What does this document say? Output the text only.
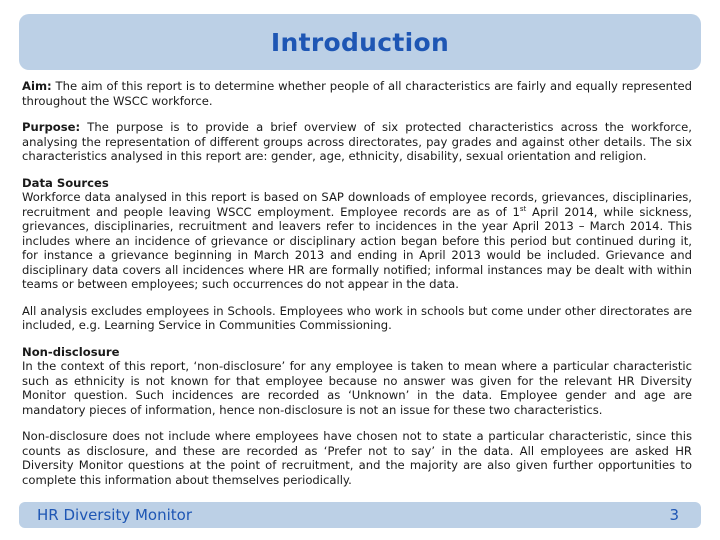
Introduction

Aim: The aim of this report is to determine whether people of all characteristics are fairly and equally represented throughout the WSCC workforce.

Purpose: The purpose is to provide a brief overview of six protected characteristics across the workforce, analysing the representation of different groups across directorates, pay grades and against other details. The six characteristics analysed in this report are: gender, age, ethnicity, disability, sexual orientation and religion.

Data Sources
Workforce data analysed in this report is based on SAP downloads of employee records, grievances, disciplinaries, recruitment and people leaving WSCC employment. Employee records are as of 1st April 2014, while sickness, grievances, disciplinaries, recruitment and leavers refer to incidences in the year April 2013 – March 2014. This includes where an incidence of grievance or disciplinary action began before this period but continued during it, for instance a grievance beginning in March 2013 and ending in April 2013 would be included. Grievance and disciplinary data covers all incidences where HR are formally notified; informal instances may be dealt with within teams or between employees; such occurrences do not appear in the data.

All analysis excludes employees in Schools. Employees who work in schools but come under other directorates are included, e.g. Learning Service in Communities Commissioning.

Non-disclosure
In the context of this report, ‘non-disclosure’ for any employee is taken to mean where a particular characteristic such as ethnicity is not known for that employee because no answer was given for the relevant HR Diversity Monitor question. Such incidences are recorded as ‘Unknown’ in the data. Employee gender and age are mandatory pieces of information, hence non-disclosure is not an issue for these two characteristics.

Non-disclosure does not include where employees have chosen not to state a particular characteristic, since this counts as disclosure, and these are recorded as ‘Prefer not to say’ in the data. All employees are asked HR Diversity Monitor questions at the point of recruitment, and the majority are also given further opportunities to complete this information about themselves periodically.

HR Diversity Monitor	3
